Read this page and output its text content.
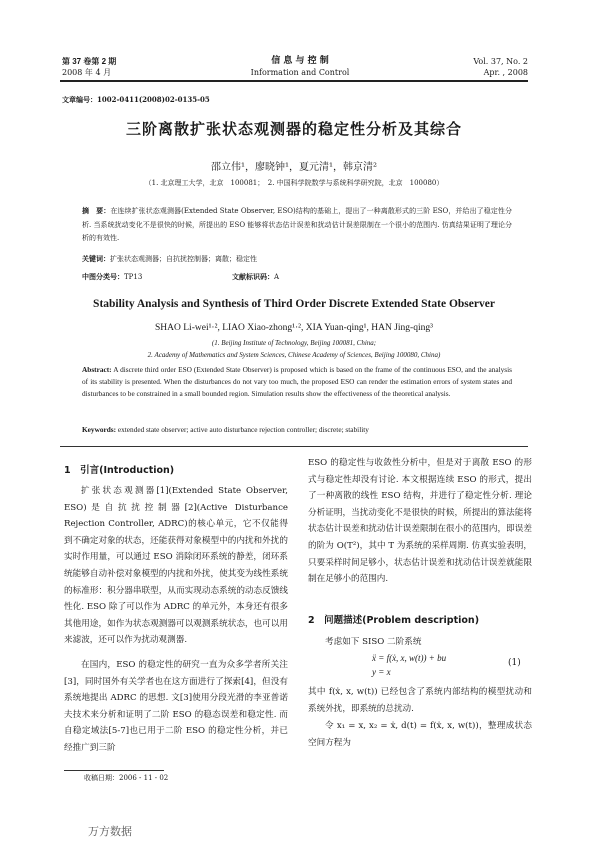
第 37 卷第 2 期
2008 年 4 月
信 息 与 控 制
Information and Control
Vol. 37, No. 2
Apr. , 2008
文章编号：1002-0411(2008)02-0135-05
三阶离散扩张状态观测器的稳定性分析及其综合
邵立伟¹，廖晓钟¹，夏元清¹，韩京清²
（1. 北京理工大学，北京　100081；　2. 中国科学院数学与系统科学研究院，北京　100080）
摘　要：在连续扩张状态观测器(Extended State Observer, ESO)结构的基础上，提出了一种离散形式的三阶 ESO，并给出了稳定性分析. 当系统扰动变化不是很快的时候，所提出的 ESO 能够将状态估计误差和扰动估计误差限制在一个很小的范围内. 仿真结果证明了理论分析的有效性.
关键词：扩张状态观测器；自抗扰控制器；离散；稳定性
中图分类号：TP13	文献标识码：A
Stability Analysis and Synthesis of Third Order Discrete Extended State Observer
SHAO Li-wei¹·², LIAO Xiao-zhong¹·², XIA Yuan-qing¹, HAN Jing-qing³
(1. Beijing Institute of Technology, Beijing 100081, China;
2. Academy of Mathematics and System Sciences, Chinese Academy of Sciences, Beijing 100080, China)
Abstract: A discrete third order ESO (Extended State Observer) is proposed which is based on the frame of the continuous ESO, and the analysis of its stability is presented. When the disturbances do not vary too much, the proposed ESO can render the estimation errors of system states and disturbances to be constrained in a small bounded region. Simulation results show the effectiveness of the theoretical analysis.
Keywords: extended state observer; active auto disturbance rejection controller; discrete; stability
1　引言(Introduction)
扩张状态观测器[1](Extended State Observer, ESO)是自抗扰控制器[2](Active Disturbance Rejection Controller, ADRC)的核心单元，它不仅能得到不确定对象的状态，还能获得对象模型中的内扰和外扰的实时作用量，可以通过 ESO 消除闭环系统的静差，闭环系统能够自动补偿对象模型的内扰和外扰，使其变为线性系统的标准形：积分器串联型，从而实现动态系统的动态反馈线性化. ESO 除了可以作为 ADRC 的单元外，本身还有很多其他用途，如作为状态观测器可以观测系统状态，也可以用来滤波，还可以作为扰动观测器.
在国内，ESO 的稳定性的研究一直为众多学者所关注[3]，同时国外有关学者也在这方面进行了探索[4]，但没有系统地提出 ADRC 的思想. 文[3]使用分段光滑的李亚普诺夫技术来分析和证明了二阶 ESO 的稳态误差和稳定性. 而自稳定域法[5-7]也已用于二阶 ESO 的稳定性分析，并已经推广到三阶
收稿日期：2006 - 11 - 02
ESO 的稳定性与收敛性分析中，但是对于离散 ESO 的形式与稳定性却没有讨论. 本文根据连续 ESO 的形式，提出了一种离散的线性 ESO 结构，并进行了稳定性分析. 理论分析证明，当扰动变化不是很快的时候，所提出的算法能将状态估计误差和扰动估计误差限制在很小的范围内，即误差的阶为 O(T²)，其中 T 为系统的采样周期. 仿真实验表明，只要采样时间足够小，状态估计误差和扰动估计误差就能限制在足够小的范围内.
2　问题描述(Problem description)
考虑如下 SISO 二阶系统
ẍ = f(ẋ, x, w(t)) + bu
y = x
(1)
其中 f(ẋ, x, w(t)) 已经包含了系统内部结构的模型扰动和系统外扰，即系统的总扰动.
令 x₁ = x, x₂ = ẋ, d(t) = f(ẋ, x, w(t))，整理成状态空间方程为
万方数据
